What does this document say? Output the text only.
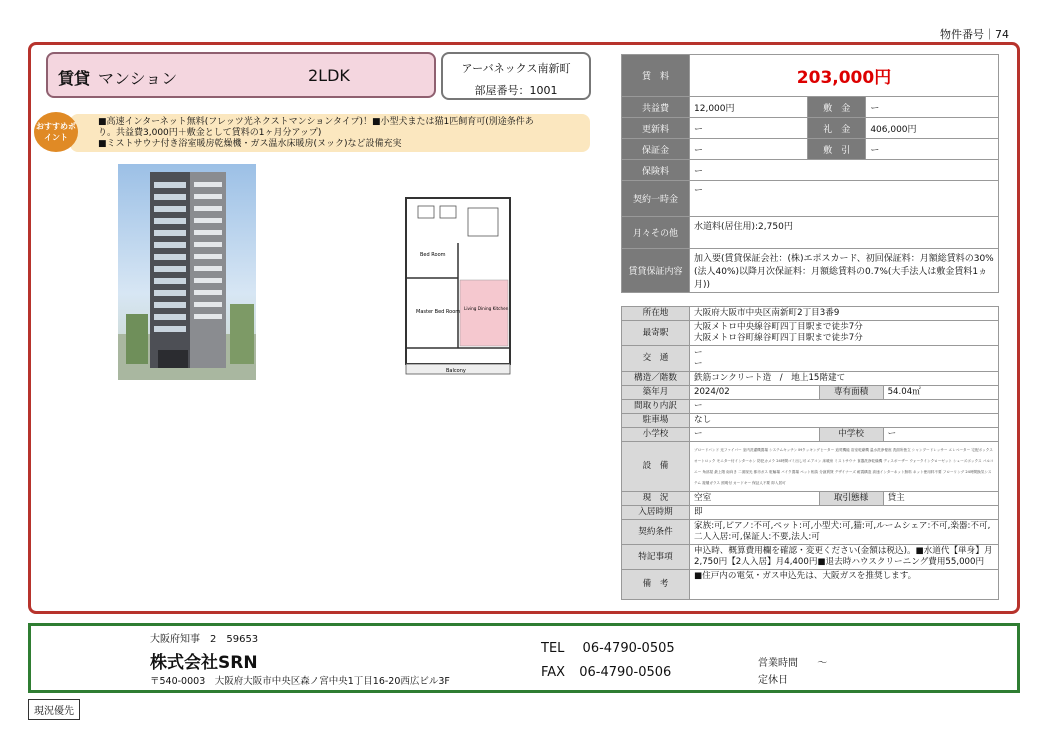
物件番号｜74
賃貸 マンション	2LDK	アーバネックス南新町
部屋番号：1001
■高速インターネット無料(フレッツ光ネクストマンションタイプ)！■小型犬または猫1匹飼育可(別途条件あ
り。共益費3,000円＋敷金として賃料の1ヶ月分アップ)
■ミストサウナ付き浴室暖房乾燥機・ガス温水床暖房(ヌック)など設備充実
おすすめポイント
Bed Room
Master Bed Room
Living Dining Kitchen
Balcony
賃　料	203,000円		
共益費	12,000円	敷　金	ー
更新料	ー	礼　金	406,000円
保証金	ー	敷　引	ー
保険料	ー		
契約一時金	ー		
月々その他	水道料(居住用):2,750円		
賃貸保証内容	加入要(賃貸保証会社：(株)エポスカード、初回保証料：月額総賃料の30%(法人40%)以降月次保証料：月額総賃料の0.7%(大手法人は敷金賃料1ヵ月))		
所在地	大阪府大阪市中央区南新町2丁目3番9		
最寄駅	大阪メトロ中央線谷町四丁目駅まで徒歩7分
大阪メトロ谷町線谷町四丁目駅まで徒歩7分		

交　通	ー
ー		

構造／階数	鉄筋コンクリート造　/　地上15階建て		
築年月	2024/02	専有面積	54.04㎡
間取り内訳	ー		
駐車場	なし		
小学校	ー	中学校	ー
設　備	ブロードバンド 光ファイバー 室内洗濯機置場 システムキッチン IHクッキングヒーター 追焚機能 浴室乾燥機 温水洗浄便座 洗面所独立 シャンプードレッサー エレベーター 宅配ボックス オートロック モニター付インターホン 防犯カメラ 24時間ゴミ出し可 エアコン 床暖房 ミストサウナ 食器洗浄乾燥機 ディスポーザー ウォークインクローゼット シューズボックス バルコニー 角部屋 最上階 南向き 二面採光 都市ガス 駐輪場 バイク置場 ペット相談 分譲賃貸 デザイナーズ 耐震構造 高速インターネット無料 ネット使用料不要 フローリング 24時間換気システム 複層ガラス 照明付 カードキー 保証人不要 即入居可		
現　況	空室	取引態様	貸主
入居時期	即		
契約条件	家族:可,ピアノ:不可,ペット:可,小型犬:可,猫:可,ルームシェア:不可,楽器:不可,二人入居:可,保証人:不要,法人:可		
特記事項	申込時、概算費用欄を確認・変更ください(金額は税込)。■水道代【単身】月2,750円【2人入居】月4,400円■退去時ハウスクリーニング費用55,000円		
備　考	■住戸内の電気・ガス申込先は、大阪ガスを推奨します。		
大阪府知事　2　59653
株式会社SRN
〒540-0003　大阪府大阪市中央区森ノ宮中央1丁目16-20西広ビル3F
TEL 06-4790-0505
FAX 06-4790-0506
営業時間 ～
定休日
現況優先
